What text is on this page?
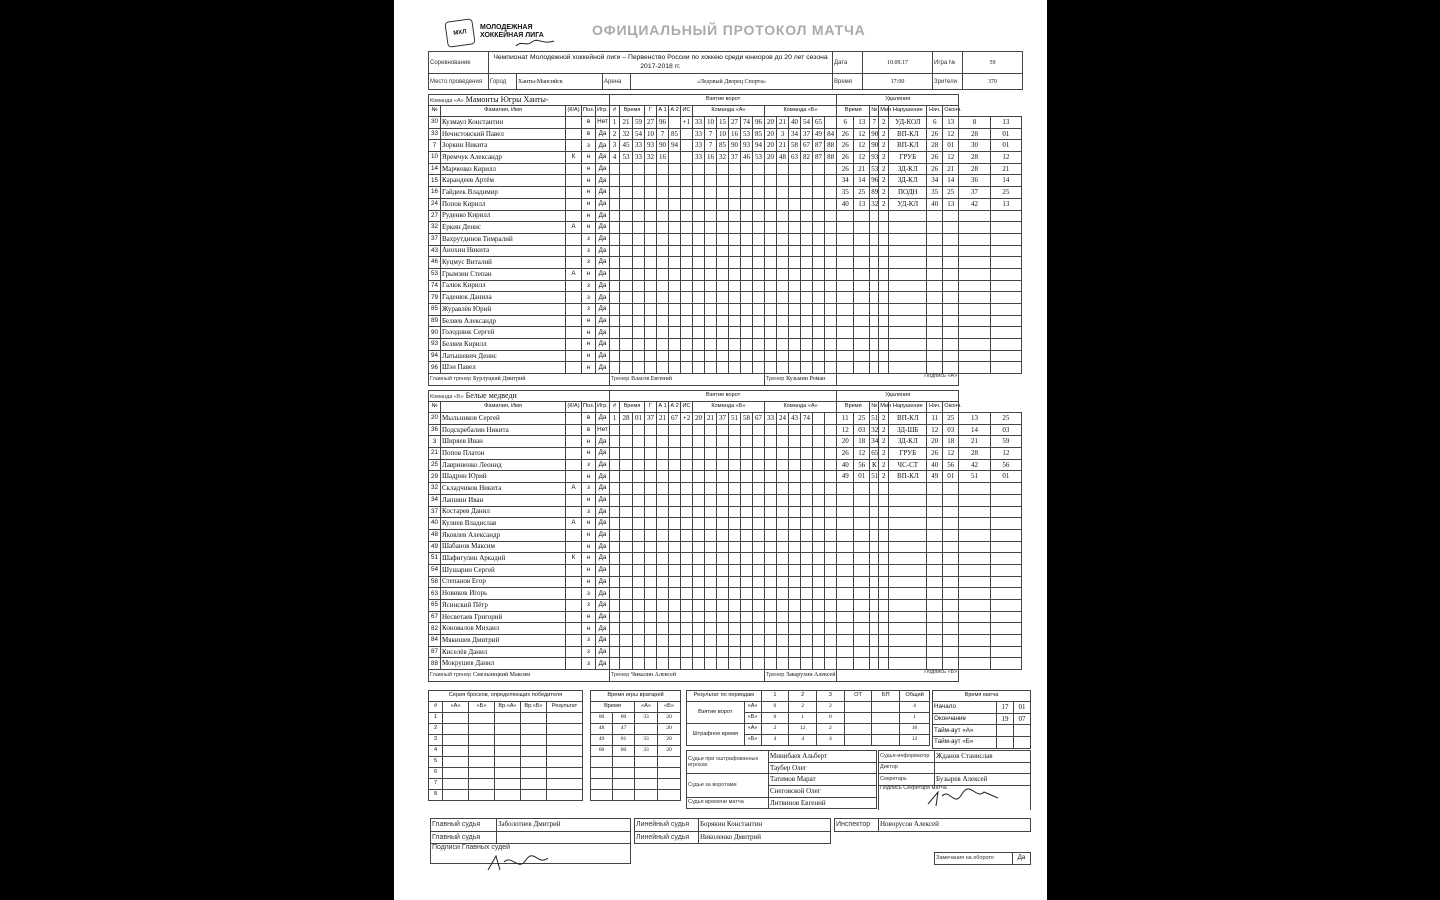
МХЛ
МОЛОДЕЖНАЯ
ХОККЕЙНАЯ ЛИГА	ОФИЦИАЛЬНЫЙ ПРОТОКОЛ МАТЧА
Соревнование	Чемпионат Молодежной хоккейной лиги – Первенство России по хоккею среди юниоров до 20 лет сезона 2017-2018 гг.	Дата	10.09.17	Игра №	59
Место проведения	Город	Ханты-Мансийск	Арена	«Ледовый Дворец Спорта»	Время	17:00	Зрители	370
Команда «А» Мамонты Югры Ханты-					Взятие ворот																			Удаления								
№	Фамилия, Имя	(К/А)	Поз.	Игр.	#	Время		Г	А 1	А 2	ИС	Команда «А»						Команда «Б»						Время		№	Мин	Нарушение	Нач.	Оконч.		
30	Кузмаул Константин		в	Нет	1	21	59	27	96		+1	33	10	15	27	74	96	20	21	40	54	65		6	13	7	2	УД-КОЛ	6	13	8	13
33	Нечистовский Павел		в	Да	2	32	54	10	7	85		33	7	10	16	53	85	20	3	34	37	49	84	26	12	90	2	ВП-КЛ	26	12	28	01
7	Зоркин Никита		з	Да	3	45	33	93	90	94		33	7	85	90	93	94	20	21	58	67	87	88	26	12	90	2	ВП-КЛ	28	01	30	01
10	Яремчук Александр	К	н	Да	4	53	33	32	16			33	16	32	37	46	53	20	48	63	82	87	88	26	12	93	2	ГРУБ	26	12	28	12
14	Марченко Кирилл		н	Да																				26	21	53	2	ЗД-КЛ	26	21	28	21
15	Карандеев Артём		н	Да																				34	14	96	2	ЗД-КЛ	34	14	36	14
16	Гайдеек Владимир		н	Да																				35	25	89	2	ПОДН	35	25	37	25
24	Попов Кирилл		н	Да																				40	13	32	2	УД-КЛ	40	13	42	13
27	Руденко Кирилл		н	Да																												
32	Еркин Денис	А	н	Да																												
37	Вахрутдинов Тимралий		з	Да																												
43	Анохин Никита		з	Да																												
46	Куцмус Виталий		з	Да																												
53	Грымзин Степан	А	н	Да																												
74	Галюк Кирилл		з	Да																												
79	Гаденюк Данила		з	Да																												
85	Журавлёв Юрий		з	Да																												
89	Беляев Александр		н	Да																												
90	Голоднюк Сергей		н	Да																												
93	Беляев Кирилл		н	Да																												
94	Латышевич Денис		н	Да																												
96	Шэн Павел		н	Да																												
Главный тренер Бурлуцкий Дмитрий					Тренер Власов Евгений													Тренер Кузьмин Роман						Подпись «А»								
Команда «Б» Белые медведи					Взятие ворот																			Удаления								
№	Фамилия, Имя	(К/А)	Поз.	Игр.	#	Время		Г	А 1	А 2	ИС	Команда «Б»						Команда «А»						Время		№	Мин	Нарушение	Нач.	Оконч.		
20	Мыльников Сергей		в	Да	1	28	01	37	21	67	+2	20	21	37	51	58	67	33	24	43	74			11	25	51	2	ВП-КЛ	11	25	13	25
36	Подскребалин Никита		в	Нет																				12	03	32	2	ЗД-ШБ	12	03	14	03
3	Ширяев Иван		н	Да																				20	18	34	2	ЗД-КЛ	20	18	21	59
21	Попов Платон		н	Да																				26	12	65	2	ГРУБ	26	12	28	12
25	Лавриненко Леонид		з	Да																				40	56	К	2	ЧС-СТ	40	56	42	56
29	Шадрин Юрий		н	Да																				49	01	51	2	ВП-КЛ	49	01	51	01
32	Складчиков Никита	А	з	Да																												
34	Лапшин Иван		н	Да																												
37	Костарев Данил		з	Да																												
40	Кулиев Владислав	А	н	Да																												
48	Яковлев Александр		н	Да																												
49	Шабанов Максим		н	Да																												
51	Шафигулин Аркадий	К	н	Да																												
54	Шушарин Сергей		н	Да																												
58	Степанов Егор		н	Да																												
63	Новиков Игорь		з	Да																												
65	Ясинский Пётр		з	Да																												
67	Несветаев Григорий		н	Да																												
82	Коновалов Михаил		н	Да																												
84	Мякишев Дмитрий		з	Да																												
87	Киселёв Данил		з	Да																												
88	Мокрушев Данил		з	Да																												
Главный тренер Смельницкий Максим					Тренер Чикалин Алексей													Тренер Заварухин Алексей						Подпись «Б»								
Серия бросков, определяющих победителя					
#	«А»	«Б»	Вр.«А»	Вр.«Б»	Результат
1					
2					
3					
4					
5					
6					
7					
8					
Время игры вратарей			
Время		«А»	«Б»
00	00	33	20
48	47		20
49	01	33	20
60	00	33	20

Результат по периодам		1	2	3	ОТ	БП	Общий
Взятие ворот	«А»	0	2	2			4
	«Б»	0	1	0			1
Штрафное время	«А»	2	12	2			16
	«Б»	4	4	4			12
Время матча		
Начало	17	01
Окончание	19	07
Тайм-аут «А»		
Тайм-аут «Б»		
Судьи при оштрафованных игроках	Минибаев Альберт
	Таубер Олег
Судьи за воротами	Татимов Марат
	Снеговской Олег
Судья времени матча	Литвинов Евгений
Судья-информатор	Жданов Станислав
Диктор	
Секретарь	Бузырев Алексей
Подпись Секретаря матча	
Главный судья	Заболотнев Дмитрий
Главный судья	
Подписи Главных судей	
Линейный судья	Борякин Константин
Линейный судья	Николенко Дмитрий
Инспектор	Новорусов Алексей
Замечания на обороте	Да
